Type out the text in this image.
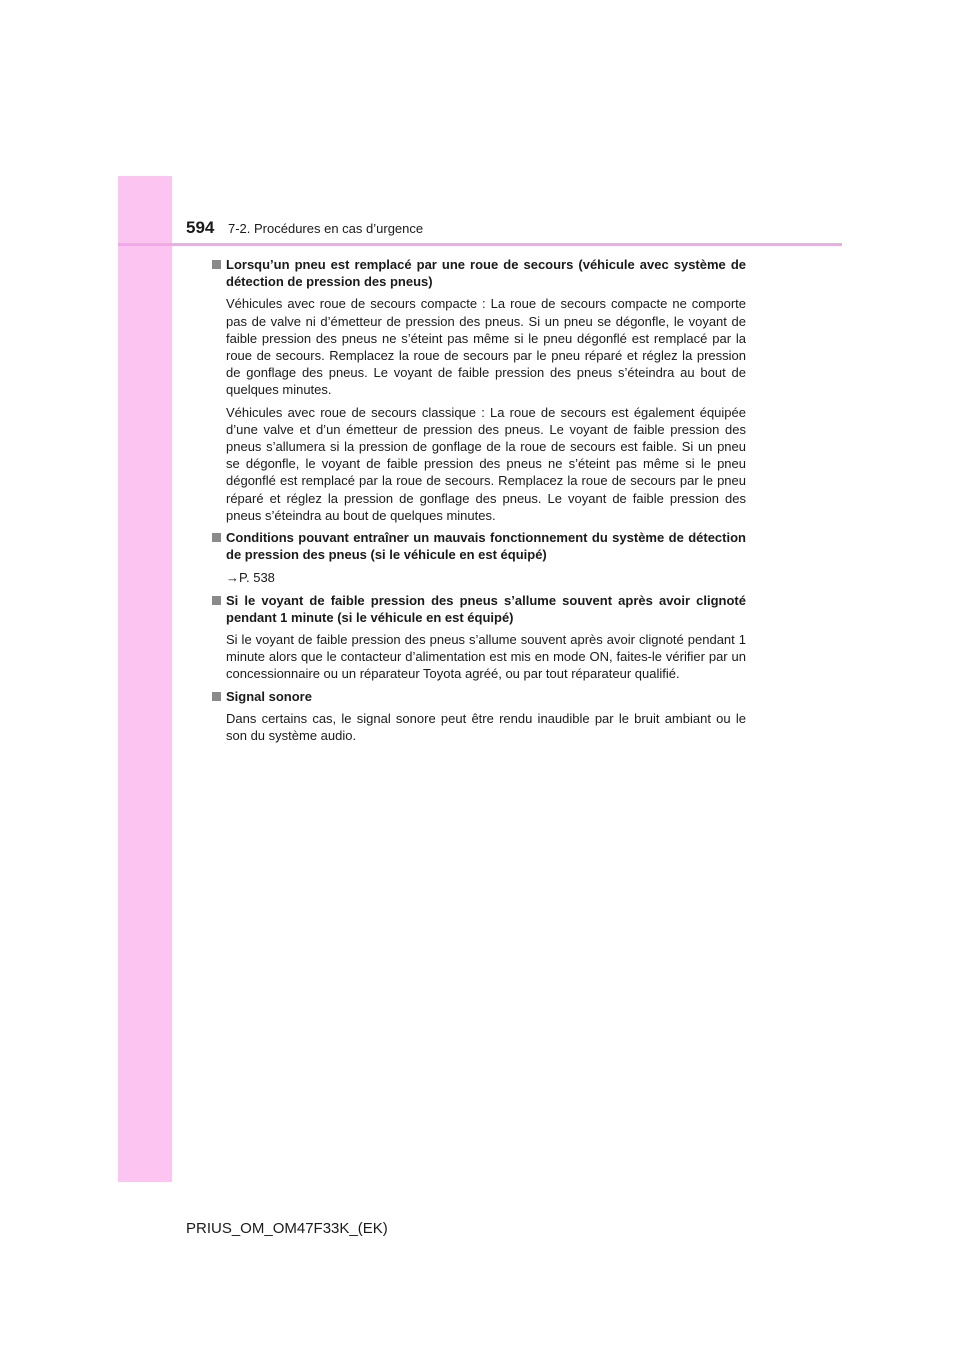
594 7-2. Procédures en cas d’urgence
Lorsqu’un pneu est remplacé par une roue de secours (véhicule avec système de détection de pression des pneus)

Véhicules avec roue de secours compacte : La roue de secours compacte ne comporte pas de valve ni d’émetteur de pression des pneus. Si un pneu se dégonfle, le voyant de faible pression des pneus ne s’éteint pas même si le pneu dégonflé est remplacé par la roue de secours. Remplacez la roue de secours par le pneu réparé et réglez la pression de gonflage des pneus. Le voyant de faible pression des pneus s’éteindra au bout de quelques minutes.

Véhicules avec roue de secours classique : La roue de secours est également équipée d’une valve et d’un émetteur de pression des pneus. Le voyant de faible pression des pneus s’allumera si la pression de gonflage de la roue de secours est faible. Si un pneu se dégonfle, le voyant de faible pression des pneus ne s’éteint pas même si le pneu dégonflé est remplacé par la roue de secours. Remplacez la roue de secours par le pneu réparé et réglez la pression de gonflage des pneus. Le voyant de faible pression des pneus s’éteindra au bout de quelques minutes.

Conditions pouvant entraîner un mauvais fonctionnement du système de détection de pression des pneus (si le véhicule en est équipé)

→P. 538

Si le voyant de faible pression des pneus s’allume souvent après avoir clignoté pendant 1 minute (si le véhicule en est équipé)

Si le voyant de faible pression des pneus s’allume souvent après avoir clignoté pendant 1 minute alors que le contacteur d’alimentation est mis en mode ON, faites-le vérifier par un concessionnaire ou un réparateur Toyota agréé, ou par tout réparateur qualifié.

Signal sonore

Dans certains cas, le signal sonore peut être rendu inaudible par le bruit ambiant ou le son du système audio.

PRIUS_OM_OM47F33K_(EK)
